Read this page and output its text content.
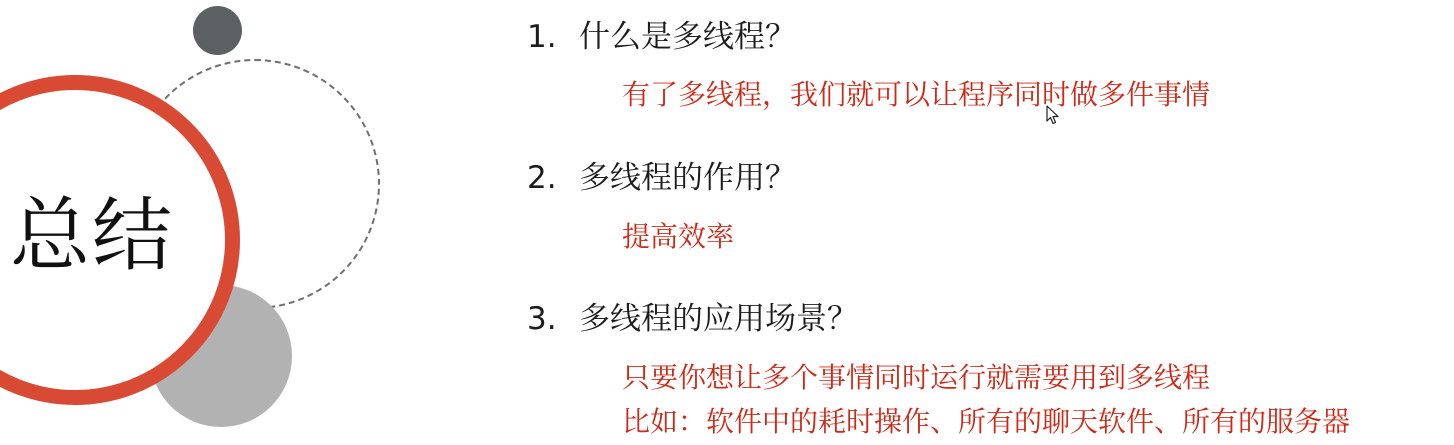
总结
1. 什么是多线程？
有了多线程，我们就可以让程序同时做多件事情
2. 多线程的作用？
提高效率
3. 多线程的应用场景？
只要你想让多个事情同时运行就需要用到多线程
比如：软件中的耗时操作、所有的聊天软件、所有的服务器
